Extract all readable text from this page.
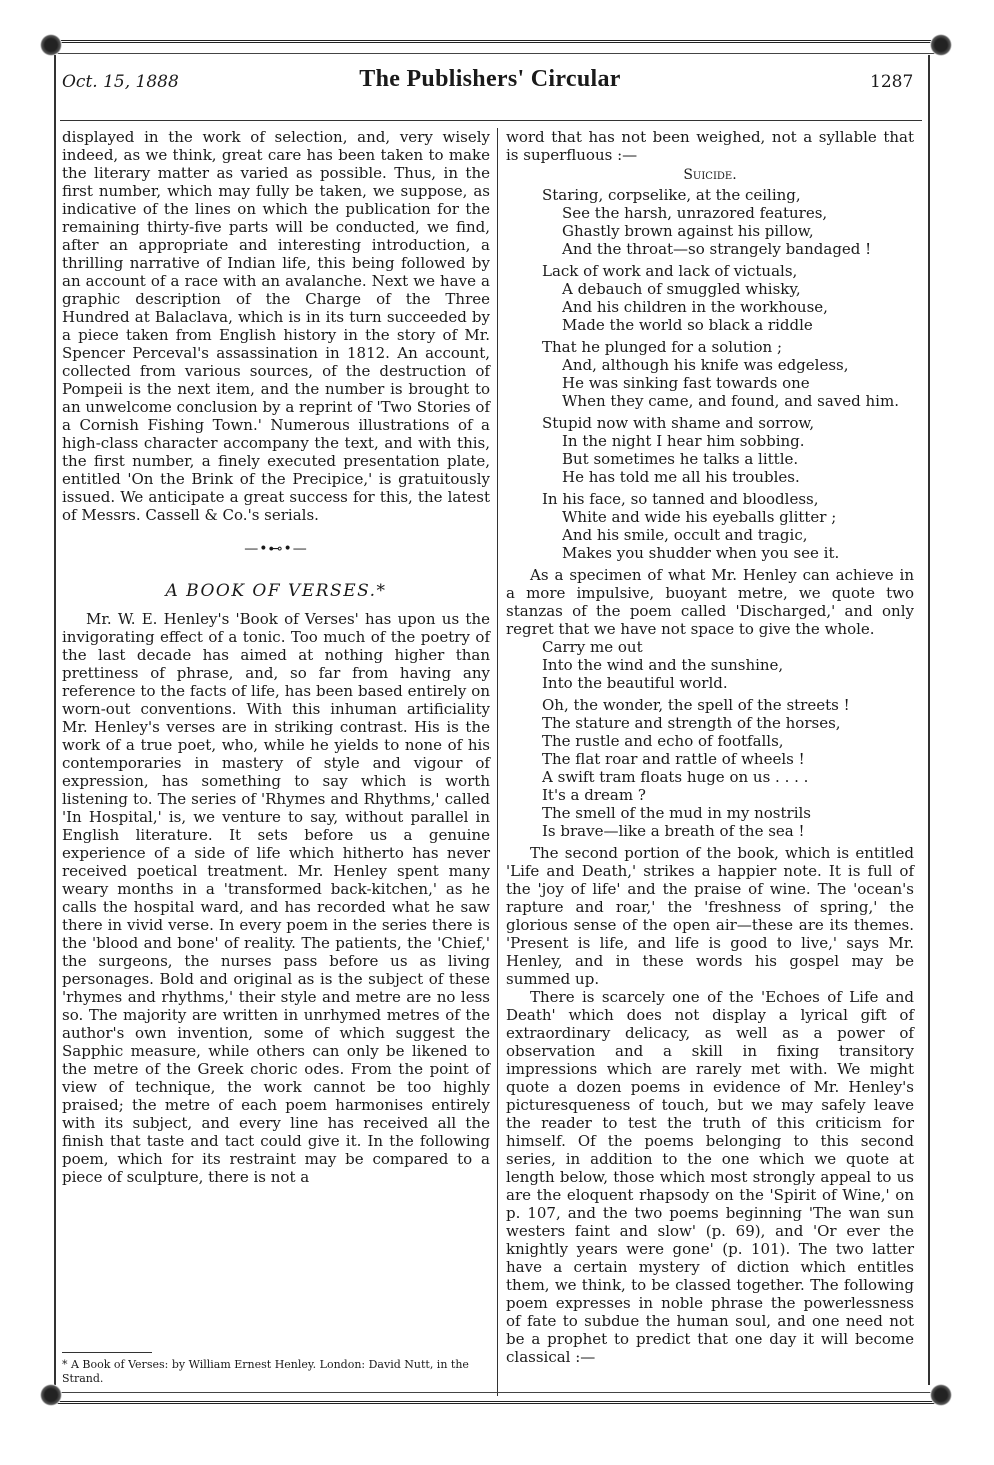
Oct. 15, 1888	The Publishers' Circular	1287

displayed in the work of selection, and, very wisely indeed, as we think, great care has been taken to make the literary matter as varied as possible. Thus, in the first number, which may fully be taken, we suppose, as indicative of the lines on which the publication for the remaining thirty-five parts will be conducted, we find, after an appropriate and interesting introduction, a thrilling narrative of Indian life, this being followed by an account of a race with an avalanche. Next we have a graphic description of the Charge of the Three Hundred at Balaclava, which is in its turn succeeded by a piece taken from English history in the story of Mr. Spencer Perceval's assassination in 1812. An account, collected from various sources, of the destruction of Pompeii is the next item, and the number is brought to an unwelcome conclusion by a reprint of 'Two Stories of a Cornish Fishing Town.' Numerous illustrations of a high-class character accompany the text, and with this, the first number, a finely executed presentation plate, entitled 'On the Brink of the Precipice,' is gratuitously issued. We anticipate a great success for this, the latest of Messrs. Cassell & Co.'s serials.

—•⊷•—
A BOOK OF VERSES.*

Mr. W. E. Henley's 'Book of Verses' has upon us the invigorating effect of a tonic. Too much of the poetry of the last decade has aimed at nothing higher than prettiness of phrase, and, so far from having any reference to the facts of life, has been based entirely on worn-out conventions. With this inhuman artificiality Mr. Henley's verses are in striking contrast. His is the work of a true poet, who, while he yields to none of his contemporaries in mastery of style and vigour of expression, has something to say which is worth listening to. The series of 'Rhymes and Rhythms,' called 'In Hospital,' is, we venture to say, without parallel in English literature. It sets before us a genuine experience of a side of life which hitherto has never received poetical treatment. Mr. Henley spent many weary months in a 'transformed back-kitchen,' as he calls the hospital ward, and has recorded what he saw there in vivid verse. In every poem in the series there is the 'blood and bone' of reality. The patients, the 'Chief,' the surgeons, the nurses pass before us as living personages. Bold and original as is the subject of these 'rhymes and rhythms,' their style and metre are no less so. The majority are written in unrhymed metres of the author's own invention, some of which suggest the Sapphic measure, while others can only be likened to the metre of the Greek choric odes. From the point of view of technique, the work cannot be too highly praised; the metre of each poem harmonises entirely with its subject, and every line has received all the finish that taste and tact could give it. In the following poem, which for its restraint may be compared to a piece of sculpture, there is not a

* A Book of Verses: by William Ernest Henley. London: David Nutt, in the Strand.

word that has not been weighed, not a syllable that is superfluous :—

Suicide.
Staring, corpselike, at the ceiling,
See the harsh, unrazored features,
Ghastly brown against his pillow,
And the throat—so strangely bandaged !
Lack of work and lack of victuals,
A debauch of smuggled whisky,
And his children in the workhouse,
Made the world so black a riddle
That he plunged for a solution ;
And, although his knife was edgeless,
He was sinking fast towards one
When they came, and found, and saved him.
Stupid now with shame and sorrow,
In the night I hear him sobbing.
But sometimes he talks a little.
He has told me all his troubles.
In his face, so tanned and bloodless,
White and wide his eyeballs glitter ;
And his smile, occult and tragic,
Makes you shudder when you see it.

As a specimen of what Mr. Henley can achieve in a more impulsive, buoyant metre, we quote two stanzas of the poem called 'Discharged,' and only regret that we have not space to give the whole.

Carry me out
Into the wind and the sunshine,
Into the beautiful world.
Oh, the wonder, the spell of the streets !
The stature and strength of the horses,
The rustle and echo of footfalls,
The flat roar and rattle of wheels !
A swift tram floats huge on us . . . .
It's a dream ?
The smell of the mud in my nostrils
Is brave—like a breath of the sea !

The second portion of the book, which is entitled 'Life and Death,' strikes a happier note. It is full of the 'joy of life' and the praise of wine. The 'ocean's rapture and roar,' the 'freshness of spring,' the glorious sense of the open air—these are its themes. 'Present is life, and life is good to live,' says Mr. Henley, and in these words his gospel may be summed up.

There is scarcely one of the 'Echoes of Life and Death' which does not display a lyrical gift of extraordinary delicacy, as well as a power of observation and a skill in fixing transitory impressions which are rarely met with. We might quote a dozen poems in evidence of Mr. Henley's picturesqueness of touch, but we may safely leave the reader to test the truth of this criticism for himself. Of the poems belonging to this second series, in addition to the one which we quote at length below, those which most strongly appeal to us are the eloquent rhapsody on the 'Spirit of Wine,' on p. 107, and the two poems beginning 'The wan sun westers faint and slow' (p. 69), and 'Or ever the knightly years were gone' (p. 101). The two latter have a certain mystery of diction which entitles them, we think, to be classed together. The following poem expresses in noble phrase the powerlessness of fate to subdue the human soul, and one need not be a prophet to predict that one day it will become classical :—
